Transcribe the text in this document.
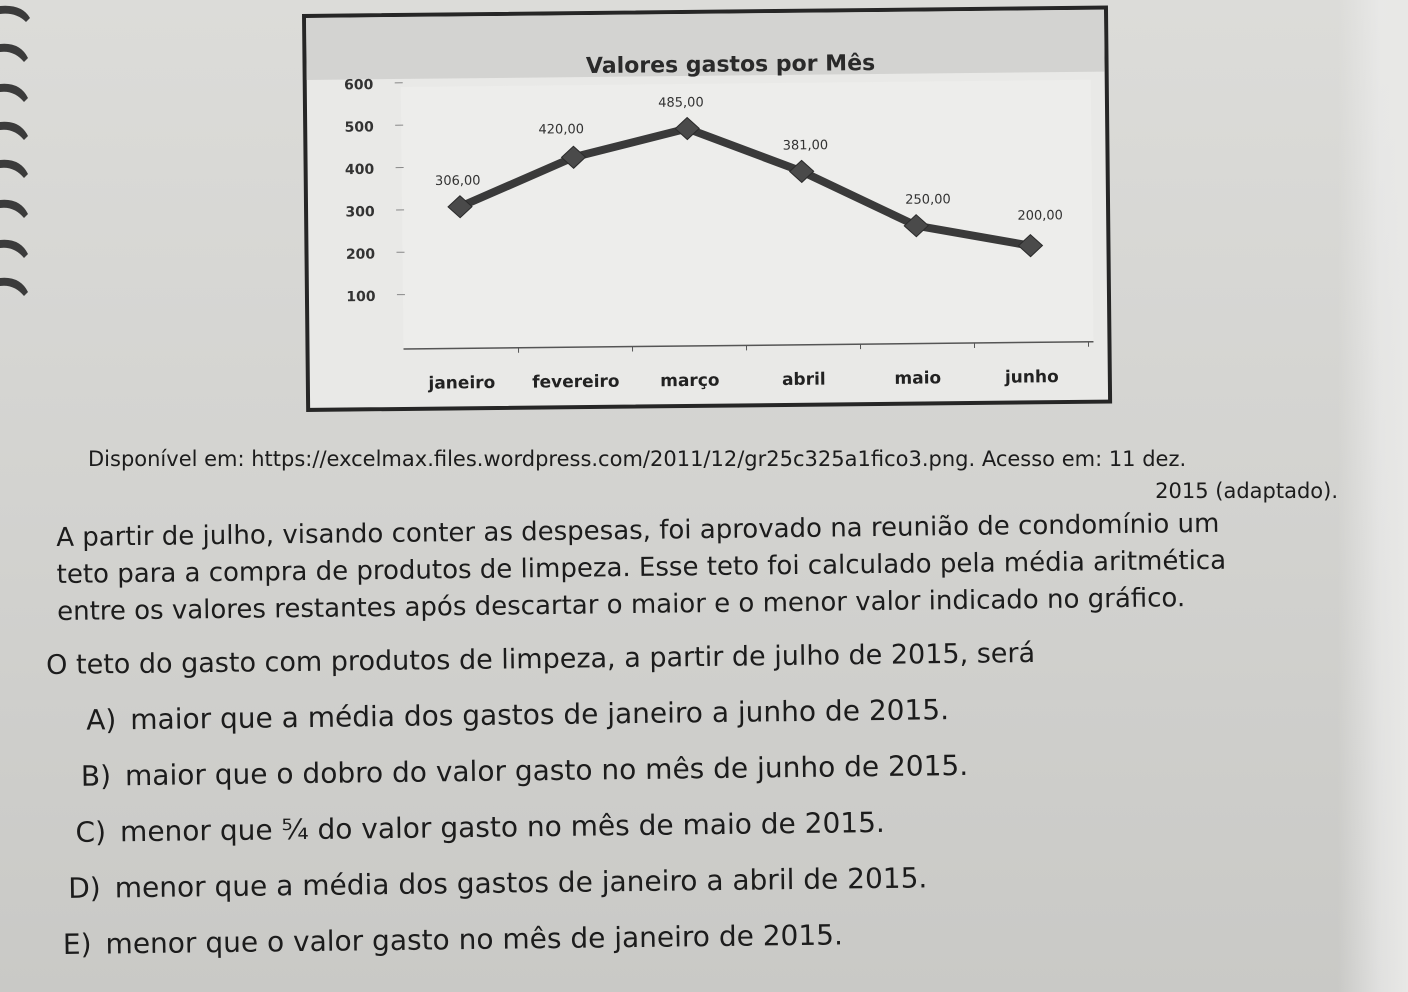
Valores gastos por Mês
600
500
400
300
200
100
janeiro fevereiro março	abril	maio	junho
306,00
420,00
485,00
381,00
250,00
200,00
Disponível em: https://excelmax.files.wordpress.com/2011/12/gr25c325a1fico3.png. Acesso em: 11 dez.
2015 (adaptado).
A partir de julho, visando conter as despesas, foi aprovado na reunião de condomínio um
teto para a compra de produtos de limpeza. Esse teto foi calculado pela média aritmética
entre os valores restantes após descartar o maior e o menor valor indicado no gráfico.
O teto do gasto com produtos de limpeza, a partir de julho de 2015, será
A) maior que a média dos gastos de janeiro a junho de 2015.
B) maior que o dobro do valor gasto no mês de junho de 2015.
C) menor que ⁵⁄₄ do valor gasto no mês de maio de 2015.
D) menor que a média dos gastos de janeiro a abril de 2015.
E) menor que o valor gasto no mês de janeiro de 2015.
